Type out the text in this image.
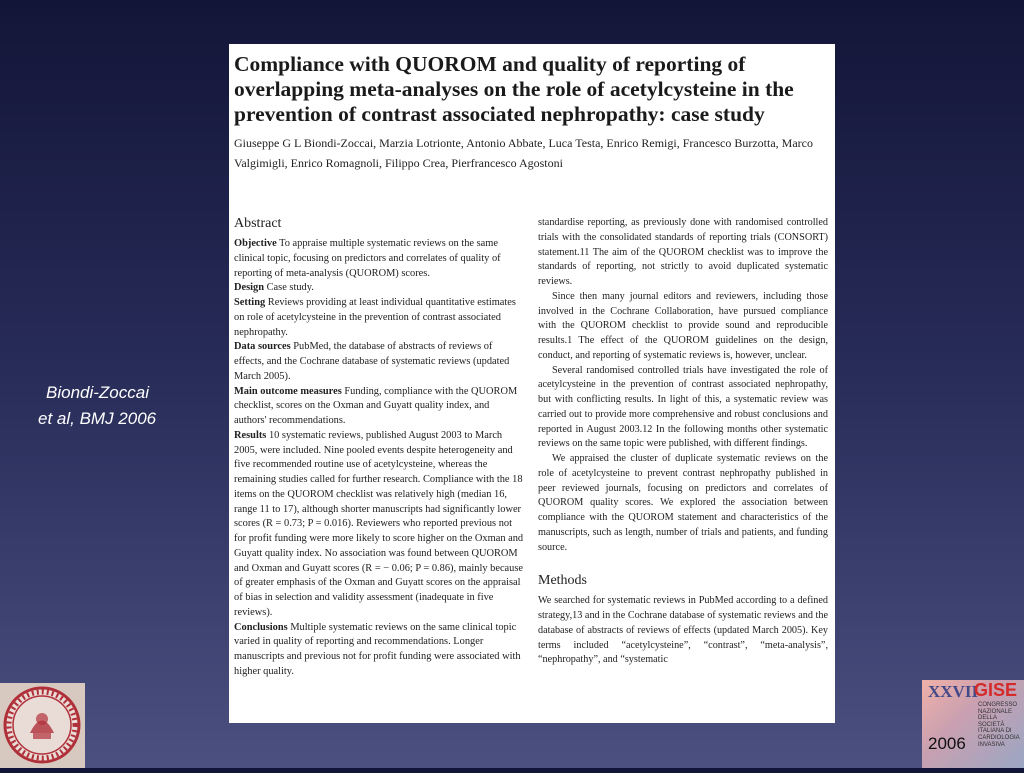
Biondi-Zoccai
et al, BMJ 2006
Compliance with QUOROM and quality of reporting of overlapping meta-analyses on the role of acetylcysteine in the prevention of contrast associated nephropathy: case study

Giuseppe G L Biondi-Zoccai, Marzia Lotrionte, Antonio Abbate, Luca Testa, Enrico Remigi, Francesco Burzotta, Marco Valgimigli, Enrico Romagnoli, Filippo Crea, Pierfrancesco Agostoni

Abstract

Objective To appraise multiple systematic reviews on the same clinical topic, focusing on predictors and correlates of quality of reporting of meta-analysis (QUOROM) scores.

Design Case study.

Setting Reviews providing at least individual quantitative estimates on role of acetylcysteine in the prevention of contrast associated nephropathy.

Data sources PubMed, the database of abstracts of reviews of effects, and the Cochrane database of systematic reviews (updated March 2005).

Main outcome measures Funding, compliance with the QUOROM checklist, scores on the Oxman and Guyatt quality index, and authors' recommendations.

Results 10 systematic reviews, published August 2003 to March 2005, were included. Nine pooled events despite heterogeneity and five recommended routine use of acetylcysteine, whereas the remaining studies called for further research. Compliance with the 18 items on the QUOROM checklist was relatively high (median 16, range 11 to 17), although shorter manuscripts had significantly lower scores (R = 0.73; P = 0.016). Reviewers who reported previous not for profit funding were more likely to score higher on the Oxman and Guyatt quality index. No association was found between QUOROM and Oxman and Guyatt scores (R = − 0.06; P = 0.86), mainly because of greater emphasis of the Oxman and Guyatt scores on the appraisal of bias in selection and validity assessment (inadequate in five reviews).

Conclusions Multiple systematic reviews on the same clinical topic varied in quality of reporting and recommendations. Longer manuscripts and previous not for profit funding were associated with higher quality.

standardise reporting, as previously done with randomised controlled trials with the consolidated standards of reporting trials (CONSORT) statement.11 The aim of the QUOROM checklist was to improve the standards of reporting, not strictly to avoid duplicated systematic reviews.

Since then many journal editors and reviewers, including those involved in the Cochrane Collaboration, have pursued compliance with the QUOROM checklist to provide sound and reproducible results.1 The effect of the QUOROM guidelines on the design, conduct, and reporting of systematic reviews is, however, unclear.

Several randomised controlled trials have investigated the role of acetylcysteine in the prevention of contrast associated nephropathy, but with conflicting results. In light of this, a systematic review was carried out to provide more comprehensive and robust conclusions and reported in August 2003.12 In the following months other systematic reviews on the same topic were published, with different findings.

We appraised the cluster of duplicate systematic reviews on the role of acetylcysteine to prevent contrast nephropathy published in peer reviewed journals, focusing on predictors and correlates of QUOROM quality scores. We explored the association between compliance with the QUOROM statement and characteristics of the manuscripts, such as length, number of trials and patients, and funding source.

Methods

We searched for systematic reviews in PubMed according to a defined strategy,13 and in the Cochrane database of systematic reviews and the database of abstracts of reviews of effects (updated March 2005). Key terms included “acetylcysteine”, “contrast”, “meta-analysis”, “nephropathy”, and “systematic

XXVII
GISE
CONGRESSO NAZIONALE DELLA SOCIETÀ ITALIANA DI CARDIOLOGIA INVASIVA
2006
